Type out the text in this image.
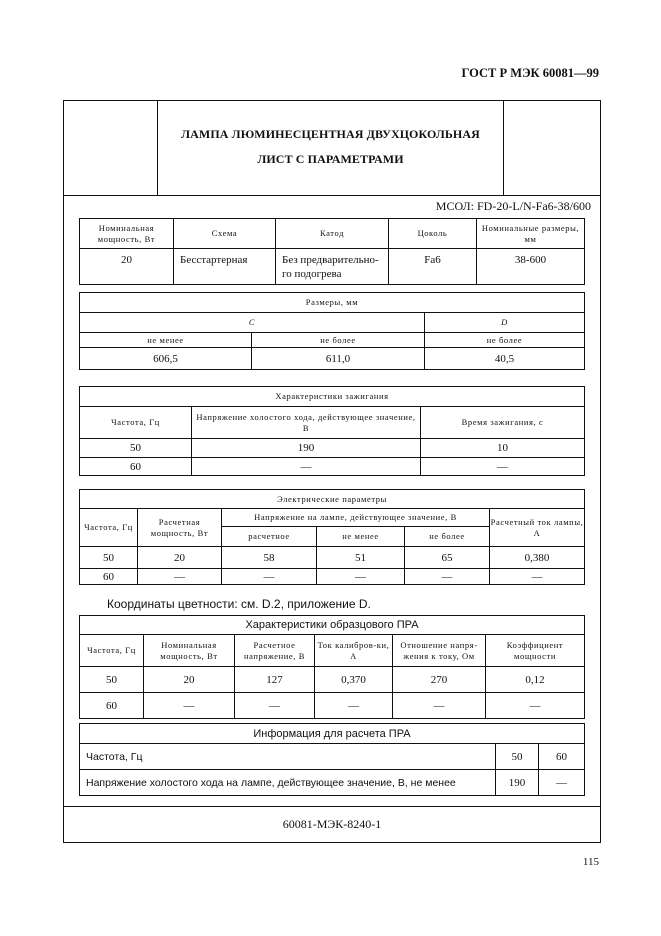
ГОСТ Р МЭК 60081—99
ЛАМПА ЛЮМИНЕСЦЕНТНАЯ ДВУХЦОКОЛЬНАЯ
ЛИСТ С ПАРАМЕТРАМИ
МСОЛ: FD-20-L/N-Fa6-38/600
Номинальная мощность, Вт	Схема	Катод	Цоколь	Номинальные размеры, мм
20	Бесстартерная	Без предварительно-го подогрева	Fa6	38-600
Размеры, мм		
C		D
не менее	не более	не более
606,5	611,0	40,5
Характеристики зажигания		
Частота, Гц	Напряжение холостого хода, действующее значение, В	Время зажигания, с
50	190	10
60	—	—
Электрические параметры					
Частота, Гц	Расчетная мощность, Вт	Напряжение на лампе, действующее значение, В			Расчетный ток лампы, А
		расчетное	не менее	не более	
50	20	58	51	65	0,380
60	—	—	—	—	—
Координаты цветности: см. D.2, приложение D.
Характеристики образцового ПРА					
Частота, Гц	Номинальная мощность, Вт	Расчетное напряжение, В	Ток калибров-ки, А	Отношение напря-жения к току, Ом	Коэффициент мощности
50	20	127	0,370	270	0,12
60	—	—	—	—	—
Информация для расчета ПРА		
Частота, Гц	50	60
Напряжение холостого хода на лампе, действующее значение, В, не менее	190	—
60081-МЭК-8240-1
115
